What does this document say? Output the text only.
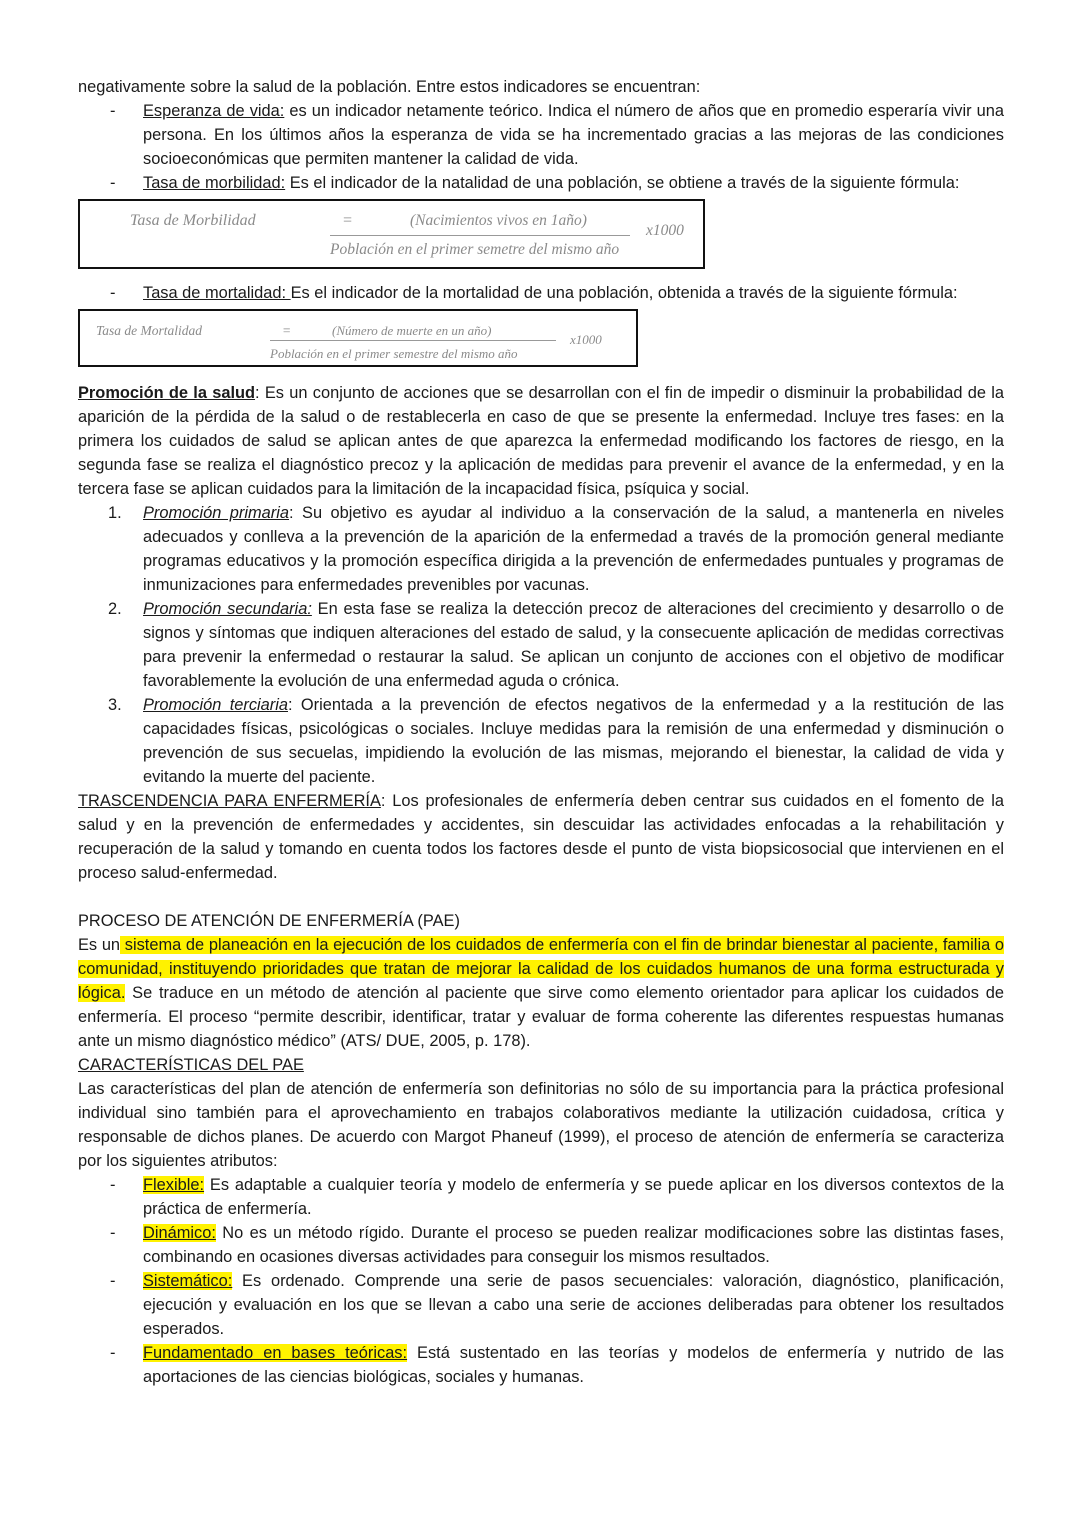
negativamente sobre la salud de la población. Entre estos indicadores se encuentran:

- Esperanza de vida: es un indicador netamente teórico. Indica el número de años que en promedio esperaría vivir una persona. En los últimos años la esperanza de vida se ha incrementado gracias a las mejoras de las condiciones socioeconómicas que permiten mantener la calidad de vida.
- Tasa de morbilidad: Es el indicador de la natalidad de una población, se obtiene a través de la siguiente fórmula:
Tasa de Morbilidad	=	(Nacimientos vivos en 1año)
Población en el primer semetre del mismo año
x1000
- Tasa de mortalidad: Es el indicador de la mortalidad de una población, obtenida a través de la siguiente fórmula:
Tasa de Mortalidad	=	(Número de muerte en un año)
Población en el primer semestre del mismo año
x1000

Promoción de la salud: Es un conjunto de acciones que se desarrollan con el fin de impedir o disminuir la probabilidad de la aparición de la pérdida de la salud o de restablecerla en caso de que se presente la enfermedad. Incluye tres fases: en la primera los cuidados de salud se aplican antes de que aparezca la enfermedad modificando los factores de riesgo, en la segunda fase se realiza el diagnóstico precoz y la aplicación de medidas para prevenir el avance de la enfermedad, y en la tercera fase se aplican cuidados para la limitación de la incapacidad física, psíquica y social.

1. Promoción primaria: Su objetivo es ayudar al individuo a la conservación de la salud, a mantenerla en niveles adecuados y conlleva a la prevención de la aparición de la enfermedad a través de la promoción general mediante programas educativos y la promoción específica dirigida a la prevención de enfermedades puntuales y programas de inmunizaciones para enfermedades prevenibles por vacunas.
2. Promoción secundaria: En esta fase se realiza la detección precoz de alteraciones del crecimiento y desarrollo o de signos y síntomas que indiquen alteraciones del estado de salud, y la consecuente aplicación de medidas correctivas para prevenir la enfermedad o restaurar la salud. Se aplican un conjunto de acciones con el objetivo de modificar favorablemente la evolución de una enfermedad aguda o crónica.
3. Promoción terciaria: Orientada a la prevención de efectos negativos de la enfermedad y a la restitución de las capacidades físicas, psicológicas o sociales. Incluye medidas para la remisión de una enfermedad y disminución o prevención de sus secuelas, impidiendo la evolución de las mismas, mejorando el bienestar, la calidad de vida y evitando la muerte del paciente.

TRASCENDENCIA PARA ENFERMERÍA: Los profesionales de enfermería deben centrar sus cuidados en el fomento de la salud y en la prevención de enfermedades y accidentes, sin descuidar las actividades enfocadas a la rehabilitación y recuperación de la salud y tomando en cuenta todos los factores desde el punto de vista biopsicosocial que intervienen en el proceso salud-enfermedad.

PROCESO DE ATENCIÓN DE ENFERMERÍA (PAE)

Es un sistema de planeación en la ejecución de los cuidados de enfermería con el fin de brindar bienestar al paciente, familia o comunidad, instituyendo prioridades que tratan de mejorar la calidad de los cuidados humanos de una forma estructurada y lógica. Se traduce en un método de atención al paciente que sirve como elemento orientador para aplicar los cuidados de enfermería. El proceso “permite describir, identificar, tratar y evaluar de forma coherente las diferentes respuestas humanas ante un mismo diagnóstico médico” (ATS/ DUE, 2005, p. 178).

CARACTERÍSTICAS DEL PAE

Las características del plan de atención de enfermería son definitorias no sólo de su importancia para la práctica profesional individual sino también para el aprovechamiento en trabajos colaborativos mediante la utilización cuidadosa, crítica y responsable de dichos planes. De acuerdo con Margot Phaneuf (1999), el proceso de atención de enfermería se caracteriza por los siguientes atributos:

- Flexible: Es adaptable a cualquier teoría y modelo de enfermería y se puede aplicar en los diversos contextos de la práctica de enfermería.
- Dinámico: No es un método rígido. Durante el proceso se pueden realizar modificaciones sobre las distintas fases, combinando en ocasiones diversas actividades para conseguir los mismos resultados.
- Sistemático: Es ordenado. Comprende una serie de pasos secuenciales: valoración, diagnóstico, planificación, ejecución y evaluación en los que se llevan a cabo una serie de acciones deliberadas para obtener los resultados esperados.
- Fundamentado en bases teóricas: Está sustentado en las teorías y modelos de enfermería y nutrido de las aportaciones de las ciencias biológicas, sociales y humanas.
